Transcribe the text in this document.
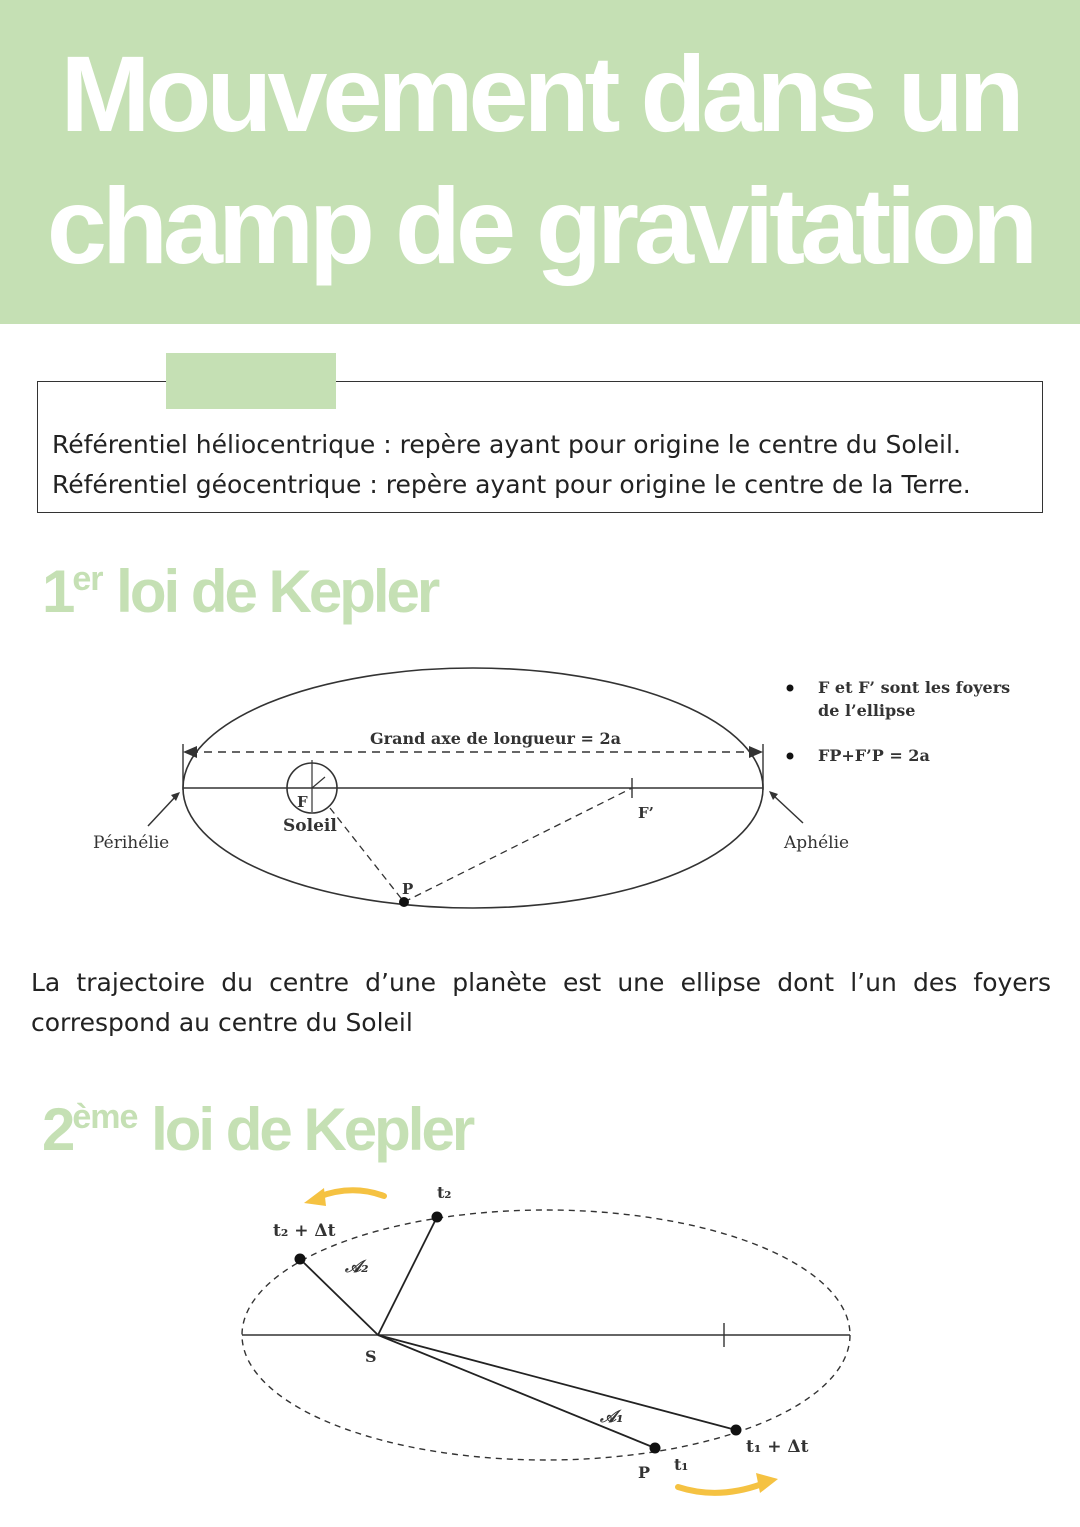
Mouvement dans un
champ de gravitation
Référentiel héliocentrique : repère ayant pour origine le centre du Soleil.
Référentiel géocentrique : repère ayant pour origine le centre de la Terre.
1er loi de Kepler
Grand axe de longueur = 2a
F
Soleil
F’
P
Périhélie	Aphélie
F et F’ sont les foyers
de l’ellipse
FP+F’P = 2a
La trajectoire du centre d’une planète est une ellipse dont l’un des foyers correspond au centre du Soleil
2ème loi de Kepler
t₂
t₂ + Δt
𝒜₂
𝒜₁
S
P t₁
t₁ + Δt
